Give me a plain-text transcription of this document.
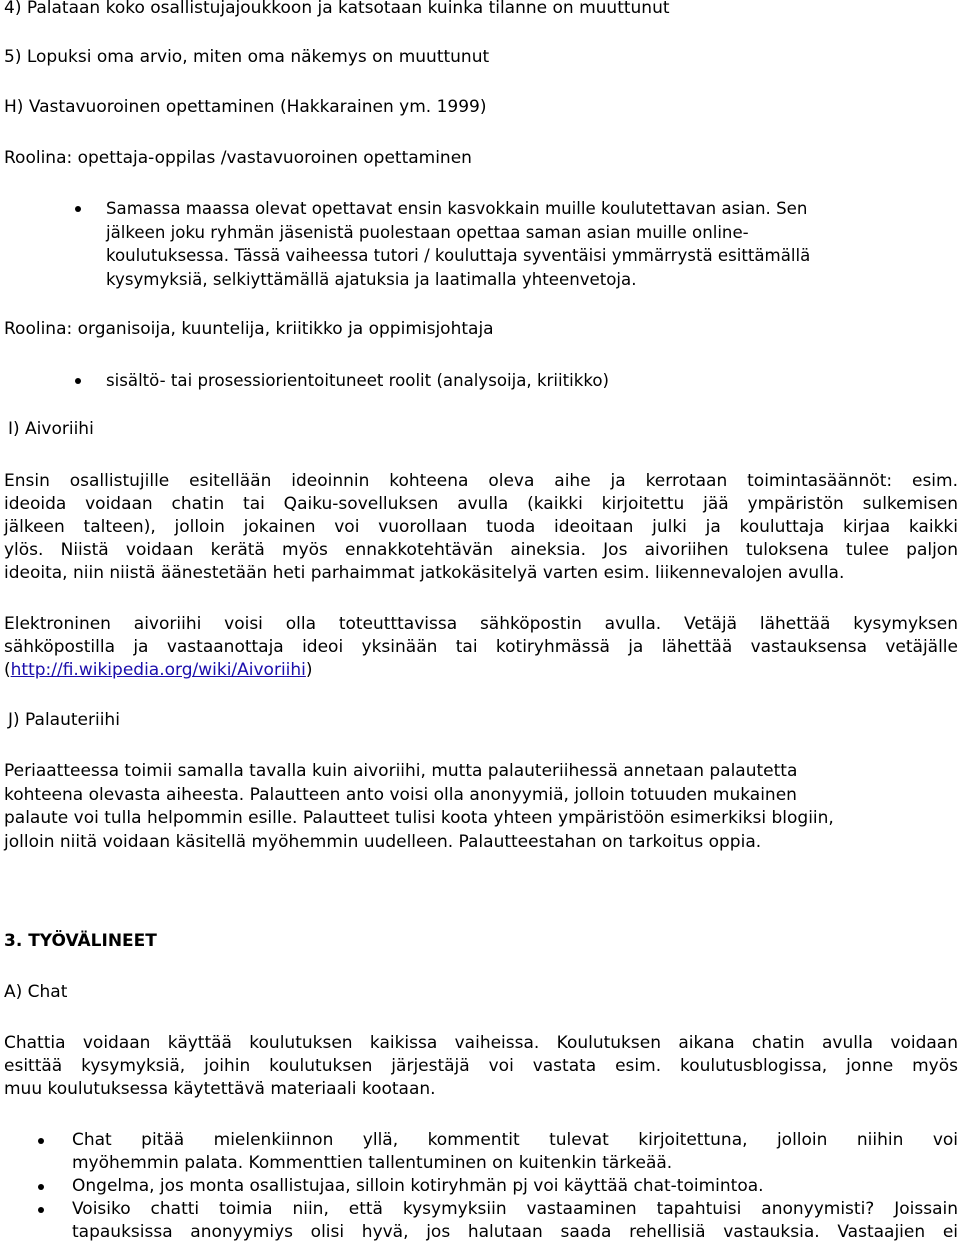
4) Palataan koko osallistujajoukkoon ja katsotaan kuinka tilanne on muuttunut

5) Lopuksi oma arvio, miten oma näkemys on muuttunut

H) Vastavuoroinen opettaminen (Hakkarainen ym. 1999)

Roolina: opettaja-oppilas /vastavuoroinen opettaminen

Samassa maassa olevat opettavat ensin kasvokkain muille koulutettavan asian. Sen
jälkeen joku ryhmän jäsenistä puolestaan opettaa saman asian muille online-
koulutuksessa. Tässä vaiheessa tutori / kouluttaja syventäisi ymmärrystä esittämällä
kysymyksiä, selkiyttämällä ajatuksia ja laatimalla yhteenvetoja.

Roolina: organisoija, kuuntelija, kriitikko ja oppimisjohtaja

sisältö- tai prosessiorientoituneet roolit (analysoija, kriitikko)

I) Aivoriihi

Ensin osallistujille esitellään ideoinnin kohteena oleva aihe ja kerrotaan toimintasäännöt: esim.
ideoida voidaan chatin tai Qaiku-sovelluksen avulla (kaikki kirjoitettu jää ympäristön sulkemisen
jälkeen talteen), jolloin jokainen voi vuorollaan tuoda ideoitaan julki ja kouluttaja kirjaa kaikki
ylös. Niistä voidaan kerätä myös ennakkotehtävän aineksia. Jos aivoriihen tuloksena tulee paljon
ideoita, niin niistä äänestetään heti parhaimmat jatkokäsitelyä varten esim. liikennevalojen avulla.
Elektroninen aivoriihi voisi olla toteutttavissa sähköpostin avulla. Vetäjä lähettää kysymyksen
sähköpostilla ja vastaanottaja ideoi yksinään tai kotiryhmässä ja lähettää vastauksensa vetäjälle
(http://fi.wikipedia.org/wiki/Aivoriihi)

J) Palauteriihi

Periaatteessa toimii samalla tavalla kuin aivoriihi, mutta palauteriihessä annetaan palautetta
kohteena olevasta aiheesta. Palautteen anto voisi olla anonyymiä, jolloin totuuden mukainen
palaute voi tulla helpommin esille. Palautteet tulisi koota yhteen ympäristöön esimerkiksi blogiin,
jolloin niitä voidaan käsitellä myöhemmin uudelleen. Palautteestahan on tarkoitus oppia.

3. TYÖVÄLINEET

A) Chat

Chattia voidaan käyttää koulutuksen kaikissa vaiheissa. Koulutuksen aikana chatin avulla voidaan
esittää kysymyksiä, joihin koulutuksen järjestäjä voi vastata esim. koulutusblogissa, jonne myös
muu koulutuksessa käytettävä materiaali kootaan.
Chat pitää mielenkiinnon yllä, kommentit tulevat kirjoitettuna, jolloin niihin voi
myöhemmin palata. Kommenttien tallentuminen on kuitenkin tärkeää.
Ongelma, jos monta osallistujaa, silloin kotiryhmän pj voi käyttää chat-toimintoa.
Voisiko chatti toimia niin, että kysymyksiin vastaaminen tapahtuisi anonyymisti? Joissain
tapauksissa anonyymiys olisi hyvä, jos halutaan saada rehellisiä vastauksia. Vastaajien ei
